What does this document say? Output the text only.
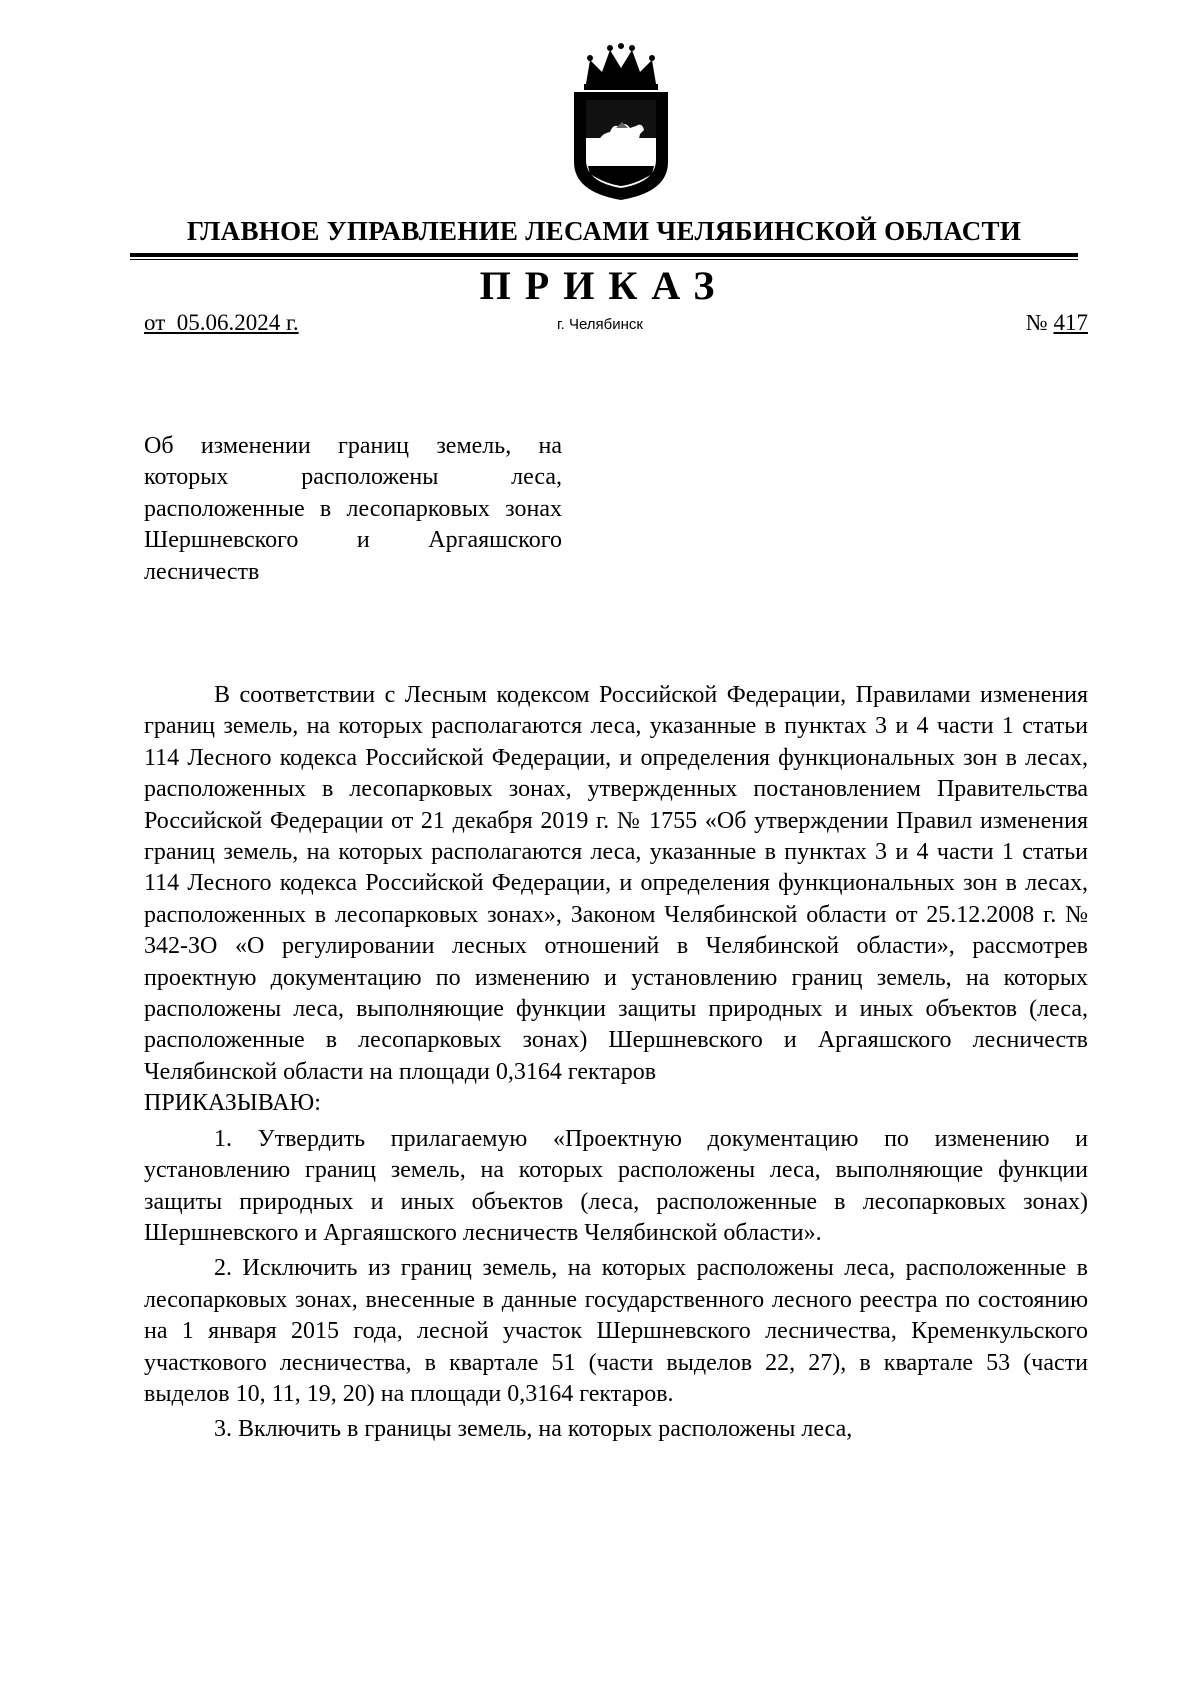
ГЛАВНОЕ УПРАВЛЕНИЕ ЛЕСАМИ ЧЕЛЯБИНСКОЙ ОБЛАСТИ
ПРИКАЗ
от  05.06.2024 г.	г. Челябинск	№ 417
Об изменении границ земель, на которых расположены леса, расположенные в лесопарковых зонах Шершневского и Аргаяшского лесничеств

В соответствии с Лесным кодексом Российской Федерации, Правилами изменения границ земель, на которых располагаются леса, указанные в пунктах 3 и 4 части 1 статьи 114 Лесного кодекса Российской Федерации, и определения функциональных зон в лесах, расположенных в лесопарковых зонах, утвержденных постановлением Правительства Российской Федерации от 21 декабря 2019 г. № 1755 «Об утверждении Правил изменения границ земель, на которых располагаются леса, указанные в пунктах 3 и 4 части 1 статьи 114 Лесного кодекса Российской Федерации, и определения функциональных зон в лесах, расположенных в лесопарковых зонах», Законом Челябинской области от 25.12.2008 г. № 342-ЗО «О регулировании лесных отношений в Челябинской области», рассмотрев проектную документацию по изменению и установлению границ земель, на которых расположены леса, выполняющие функции защиты природных и иных объектов (леса, расположенные в лесопарковых зонах) Шершневского и Аргаяшского лесничеств Челябинской области на площади 0,3164 гектаров

ПРИКАЗЫВАЮ:

1. Утвердить прилагаемую «Проектную документацию по изменению и установлению границ земель, на которых расположены леса, выполняющие функции защиты природных и иных объектов (леса, расположенные в лесопарковых зонах) Шершневского и Аргаяшского лесничеств Челябинской области».

2. Исключить из границ земель, на которых расположены леса, расположенные в лесопарковых зонах, внесенные в данные государственного лесного реестра по состоянию на 1 января 2015 года, лесной участок Шершневского лесничества, Кременкульского участкового лесничества, в квартале 51 (части выделов 22, 27), в квартале 53 (части выделов 10, 11, 19, 20) на площади 0,3164 гектаров.

3. Включить в границы земель, на которых расположены леса,
